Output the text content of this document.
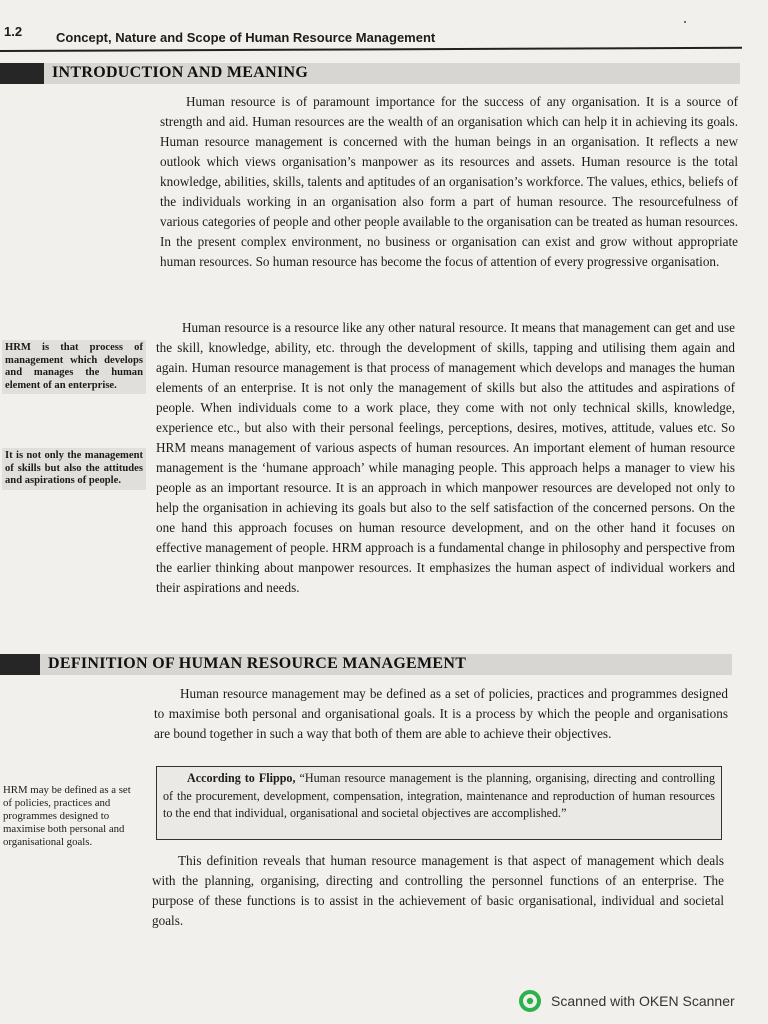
1.2	Concept, Nature and Scope of Human Resource Management
INTRODUCTION AND MEANING

Human resource is of paramount importance for the success of any organisation. It is a source of strength and aid. Human resources are the wealth of an organisation which can help it in achieving its goals. Human resource management is concerned with the human beings in an organisation. It reflects a new outlook which views organisation’s manpower as its resources and assets. Human resource is the total knowledge, abilities, skills, talents and aptitudes of an organisation’s workforce. The values, ethics, beliefs of the individuals working in an organisation also form a part of human resource. The resourcefulness of various categories of people and other people available to the organisation can be treated as human resources. In the present complex environment, no business or organisation can exist and grow without appropriate human resources. So human resource has become the focus of attention of every progressive organisation.

Human resource is a resource like any other natural resource. It means that management can get and use the skill, knowledge, ability, etc. through the development of skills, tapping and utilising them again and again. Human resource management is that process of management which develops and manages the human elements of an enterprise. It is not only the management of skills but also the attitudes and aspirations of people. When individuals come to a work place, they come with not only technical skills, knowledge, experience etc., but also with their personal feelings, perceptions, desires, motives, attitude, values etc. So HRM means management of various aspects of human resources. An important element of human resource management is the ‘humane approach’ while managing people. This approach helps a manager to view his people as an important resource. It is an approach in which manpower resources are developed not only to help the organisation in achieving its goals but also to the self satisfaction of the concerned persons. On the one hand this approach focuses on human resource development, and on the other hand it focuses on effective management of people. HRM approach is a fundamental change in philosophy and perspective from the earlier thinking about manpower resources. It emphasizes the human aspect of individual workers and their aspirations and needs.

HRM is that process of management which develops and manages the human element of an enterprise.
It is not only the management of skills but also the attitudes and aspirations of people.
DEFINITION OF HUMAN RESOURCE MANAGEMENT

Human resource management may be defined as a set of policies, practices and programmes designed to maximise both personal and organisational goals. It is a process by which the people and organisations are bound together in such a way that both of them are able to achieve their objectives.

HRM may be defined as a set of policies, practices and programmes designed to maximise both personal and organisational goals.
According to Flippo, “Human resource management is the planning, organising, directing and controlling of the procurement, development, compensation, integration, maintenance and reproduction of human resources to the end that individual, organisational and societal objectives are accomplished.”

This definition reveals that human resource management is that aspect of management which deals with the planning, organising, directing and controlling the personnel functions of an enterprise. The purpose of these functions is to assist in the achievement of basic organisational, individual and societal goals.

Scanned with OKEN Scanner
